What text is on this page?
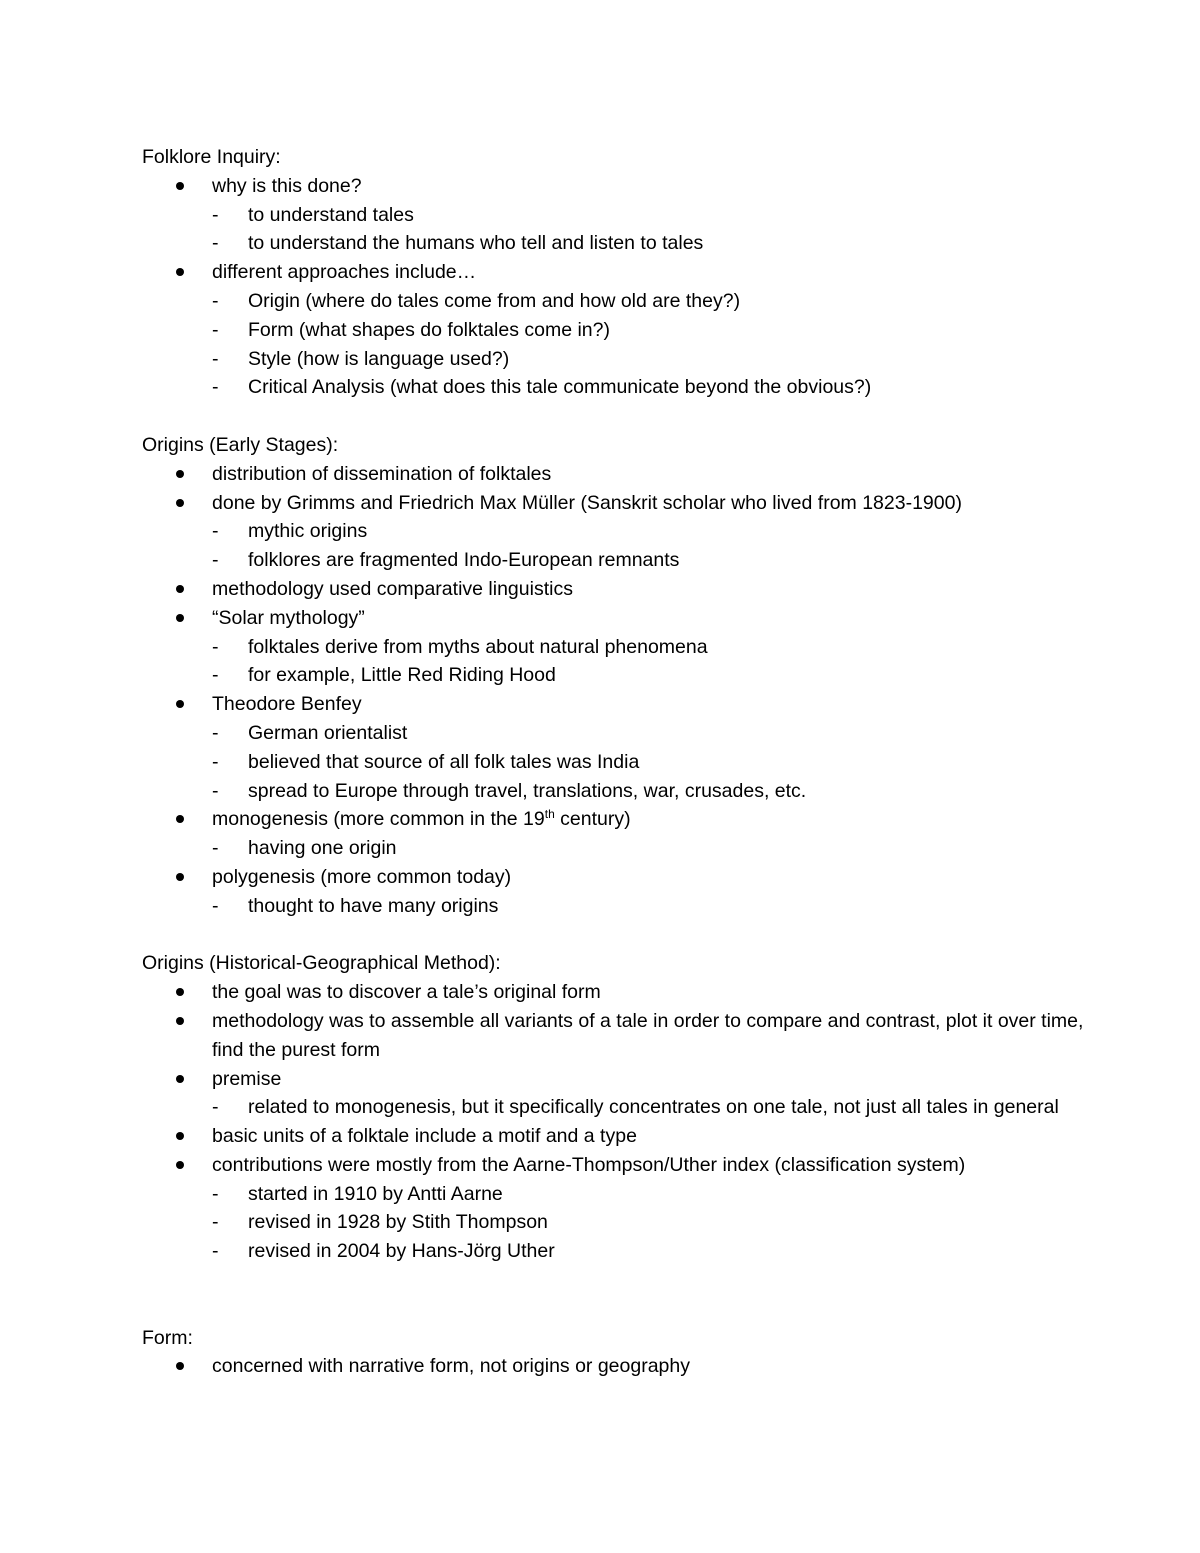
Folklore Inquiry:
why is this done?
- to understand tales
- to understand the humans who tell and listen to tales
different approaches include…
- Origin (where do tales come from and how old are they?)
- Form (what shapes do folktales come in?)
- Style (how is language used?)
- Critical Analysis (what does this tale communicate beyond the obvious?)
Origins (Early Stages):
distribution of dissemination of folktales
done by Grimms and Friedrich Max Müller (Sanskrit scholar who lived from 1823-1900)
- mythic origins
- folklores are fragmented Indo-European remnants
methodology used comparative linguistics
“Solar mythology”
- folktales derive from myths about natural phenomena
- for example, Little Red Riding Hood
Theodore Benfey
- German orientalist
- believed that source of all folk tales was India
- spread to Europe through travel, translations, war, crusades, etc.
monogenesis (more common in the 19th century)
- having one origin
polygenesis (more common today)
- thought to have many origins
Origins (Historical-Geographical Method):
the goal was to discover a tale’s original form
methodology was to assemble all variants of a tale in order to compare and contrast, plot it over time, find the purest form
premise
- related to monogenesis, but it specifically concentrates on one tale, not just all tales in general
basic units of a folktale include a motif and a type
contributions were mostly from the Aarne-Thompson/Uther index (classification system)
- started in 1910 by Antti Aarne
- revised in 1928 by Stith Thompson
- revised in 2004 by Hans-Jörg Uther
Form:
concerned with narrative form, not origins or geography
